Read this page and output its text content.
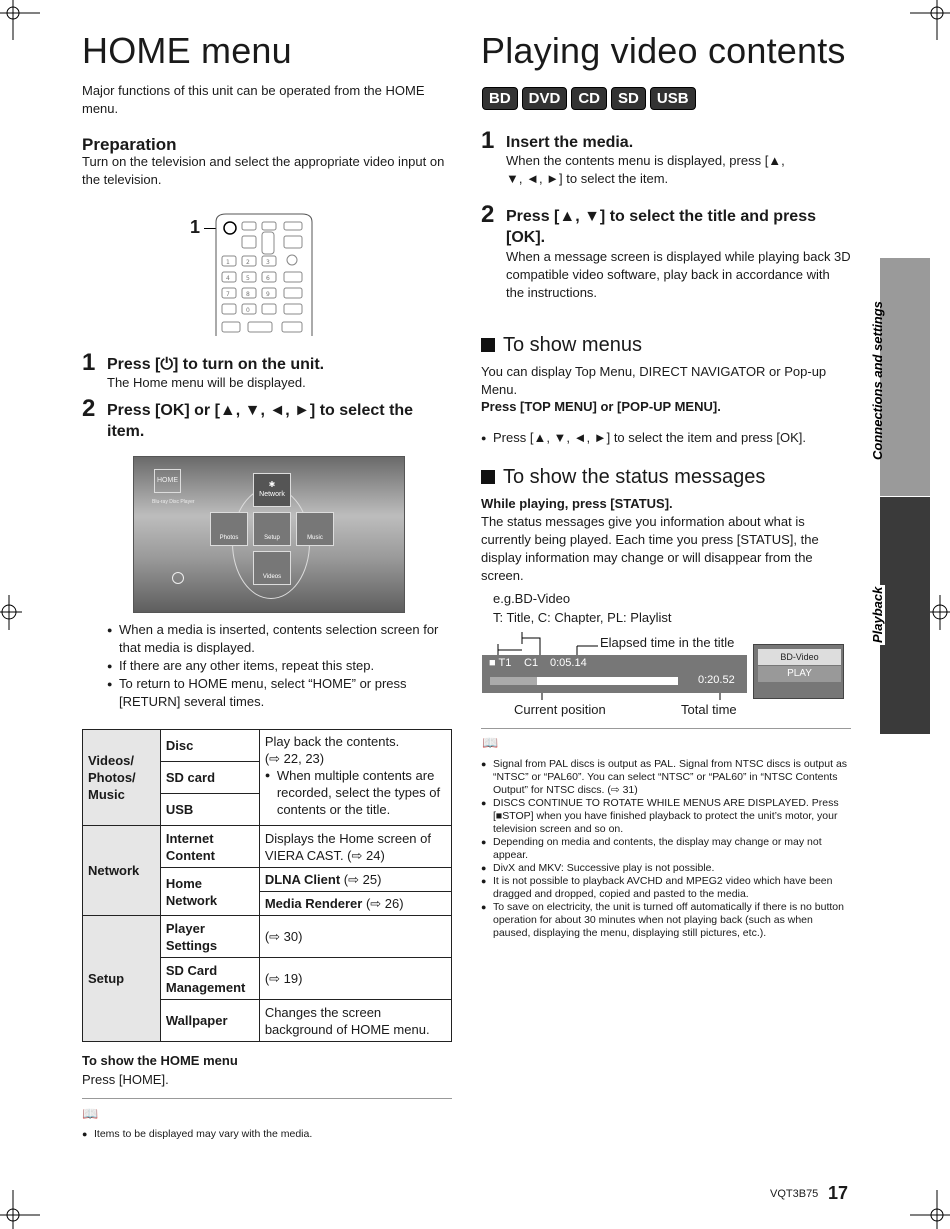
HOME menu
Major functions of this unit can be operated from the HOME menu.
Preparation
Turn on the television and select the appropriate video input on the television.
1
1	2	3
4	5	6
7	8	9
0
1 Press [⏻] to turn on the unit.
The Home menu will be displayed.
2 Press [OK] or [▲, ▼, ◄, ►] to select the item.
HOME
Blu-ray Disc Player
✱
Network
Photos	Setup	Music
Videos
● When a media is inserted, contents selection screen for that media is displayed.
● If there are any other items, repeat this step.
● To return to HOME menu, select “HOME” or press [RETURN] several times.
Videos/ Photos/ Music	Disc	Play back the contents.
(⇨ 22, 23)
● When multiple contents are recorded, select the types of contents or the title.

	SD card	
	USB	
Network	Internet Content	Displays the Home screen of VIERA CAST. (⇨ 24)
	Home Network	DLNA Client (⇨ 25)
		Media Renderer (⇨ 26)
Setup	Player Settings	(⇨ 30)
	SD Card Management	(⇨ 19)
	Wallpaper	Changes the screen background of HOME menu.
To show the HOME menu
Press [HOME].
📖
● Items to be displayed may vary with the media.
Playing video contents
BD DVD CD SD USB
1 Insert the media.
When the contents menu is displayed, press [▲, ▼, ◄, ►] to select the item.
2 Press [▲, ▼] to select the title and press [OK].
When a message screen is displayed while playing back 3D compatible video software, play back in accordance with the instructions.
To show menus
You can display Top Menu, DIRECT NAVIGATOR or Pop-up Menu.
Press [TOP MENU] or [POP-UP MENU].
● Press [▲, ▼, ◄, ►] to select the item and press [OK].
To show the status messages
While playing, press [STATUS].
The status messages give you information about what is currently being played. Each time you press [STATUS], the display information may change or will disappear from the screen.
e.g.BD-Video
T: Title, C: Chapter, PL: Playlist
Elapsed time in the title
■ T1 C1 0:05.14
0:20.52
BD-Video
PLAY
Current position	Total time
📖
● Signal from PAL discs is output as PAL. Signal from NTSC discs is output as “NTSC” or “PAL60”. You can select “NTSC” or “PAL60” in “NTSC Contents Output” for NTSC discs. (⇨ 31)
● DISCS CONTINUE TO ROTATE WHILE MENUS ARE DISPLAYED. Press [■STOP] when you have finished playback to protect the unit’s motor, your television screen and so on.
● Depending on media and contents, the display may change or may not appear.
● DivX and MKV: Successive play is not possible.
● It is not possible to playback AVCHD and MPEG2 video which have been dragged and dropped, copied and pasted to the media.
● To save on electricity, the unit is turned off automatically if there is no button operation for about 30 minutes when not playing back (such as when paused, displaying the menu, displaying still pictures, etc.).
Connections and settings
Playback
VQT3B75 17
